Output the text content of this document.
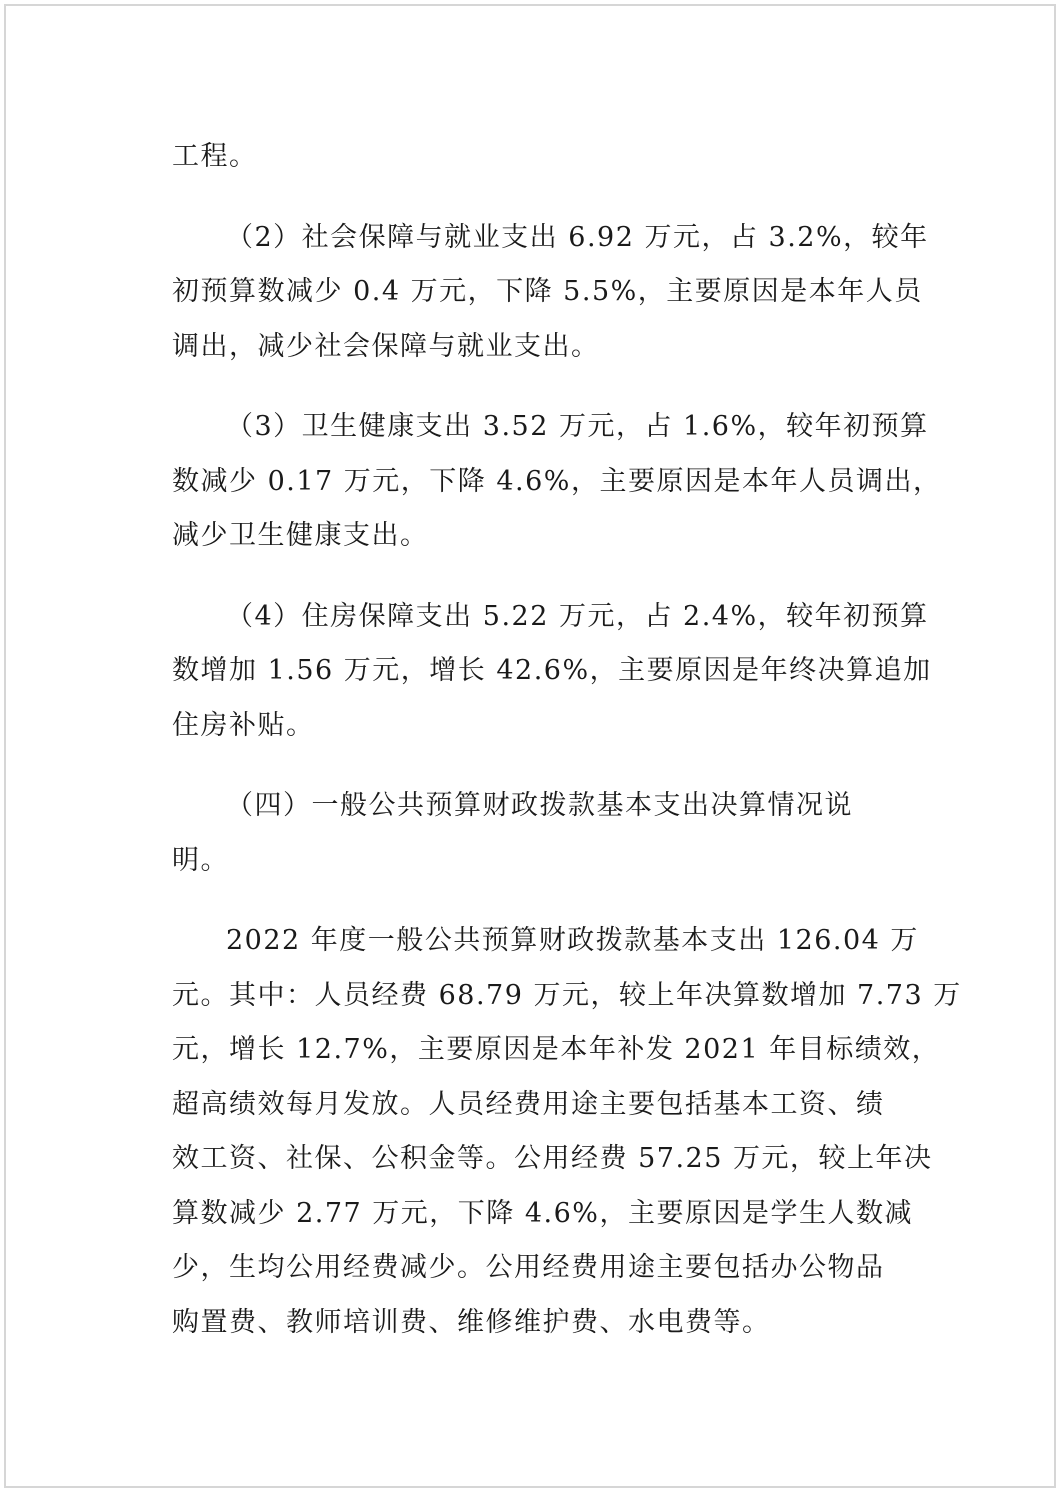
工程。
（2）社会保障与就业支出 6.92 万元，占 3.2%，较年
初预算数减少 0.4 万元，下降 5.5%，主要原因是本年人员
调出，减少社会保障与就业支出。
（3）卫生健康支出 3.52 万元，占 1.6%，较年初预算
数减少 0.17 万元，下降 4.6%，主要原因是本年人员调出，
减少卫生健康支出。
（4）住房保障支出 5.22 万元，占 2.4%，较年初预算
数增加 1.56 万元，增长 42.6%，主要原因是年终决算追加
住房补贴。
（四）一般公共预算财政拨款基本支出决算情况说
明。
2022 年度一般公共预算财政拨款基本支出 126.04 万
元。其中：人员经费 68.79 万元，较上年决算数增加 7.73 万
元，增长 12.7%，主要原因是本年补发 2021 年目标绩效，
超高绩效每月发放。人员经费用途主要包括基本工资、绩
效工资、社保、公积金等。公用经费 57.25 万元，较上年决
算数减少 2.77 万元，下降 4.6%，主要原因是学生人数减
少，生均公用经费减少。公用经费用途主要包括办公物品
购置费、教师培训费、维修维护费、水电费等。
